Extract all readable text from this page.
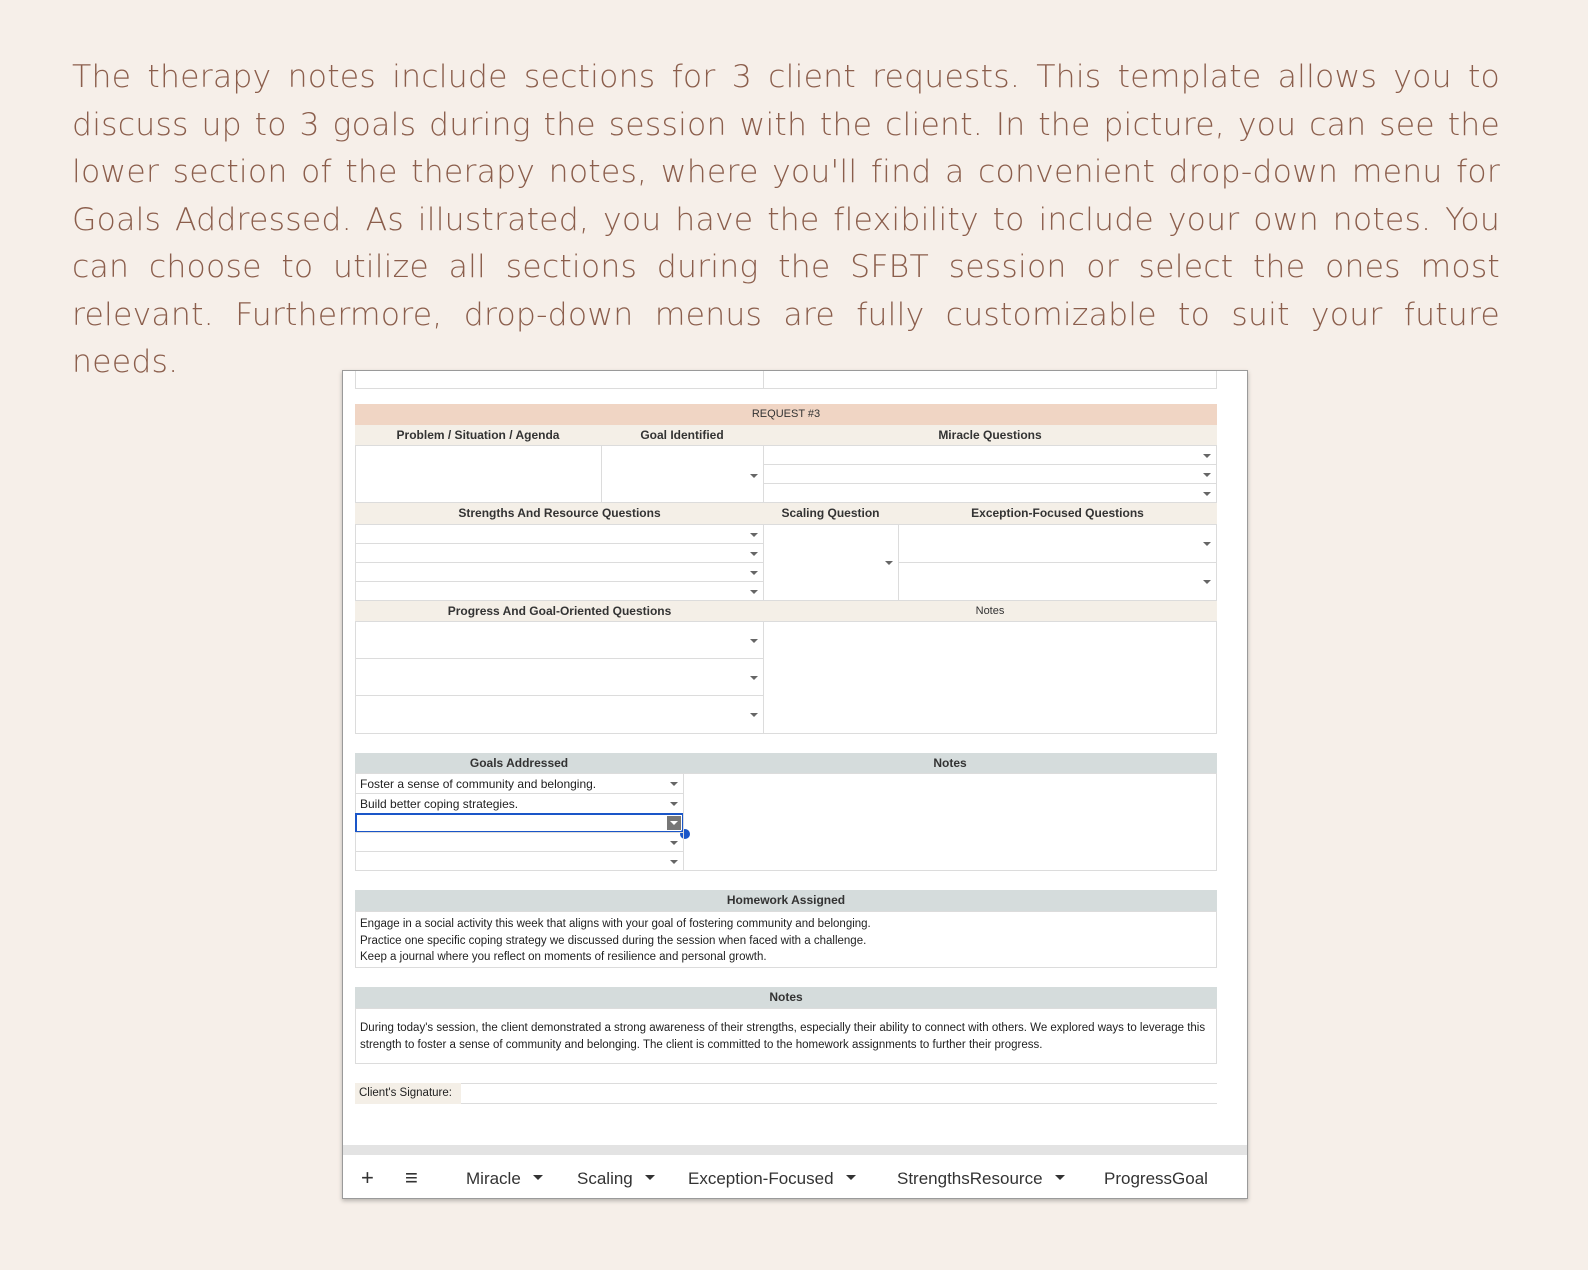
The therapy notes include sections for 3 client requests. This template allows you to discuss up to 3 goals during the session with the client. In the picture, you can see the lower section of the therapy notes, where you'll find a convenient drop-down menu for Goals Addressed. As illustrated, you have the flexibility to include your own notes. You can choose to utilize all sections during the SFBT session or select the ones most relevant. Furthermore, drop-down menus are fully customizable to suit your future needs.
REQUEST #3
Problem / Situation / Agenda	Goal Identified	Miracle Questions
Strengths And Resource Questions	Scaling Question	Exception-Focused Questions
Progress And Goal-Oriented Questions	Notes
Goals Addressed	Notes
Foster a sense of community and belonging.
Build better coping strategies.
Homework Assigned
Engage in a social activity this week that aligns with your goal of fostering community and belonging.
Practice one specific coping strategy we discussed during the session when faced with a challenge.
Keep a journal where you reflect on moments of resilience and personal growth.
Notes
During today's session, the client demonstrated a strong awareness of their strengths, especially their ability to connect with others. We explored ways to leverage this strength to foster a sense of community and belonging. The client is committed to the homework assignments to further their progress.
Client's Signature:
+ ≡	Miracle	Scaling	Exception-Focused	StrengthsResource	ProgressGoal
